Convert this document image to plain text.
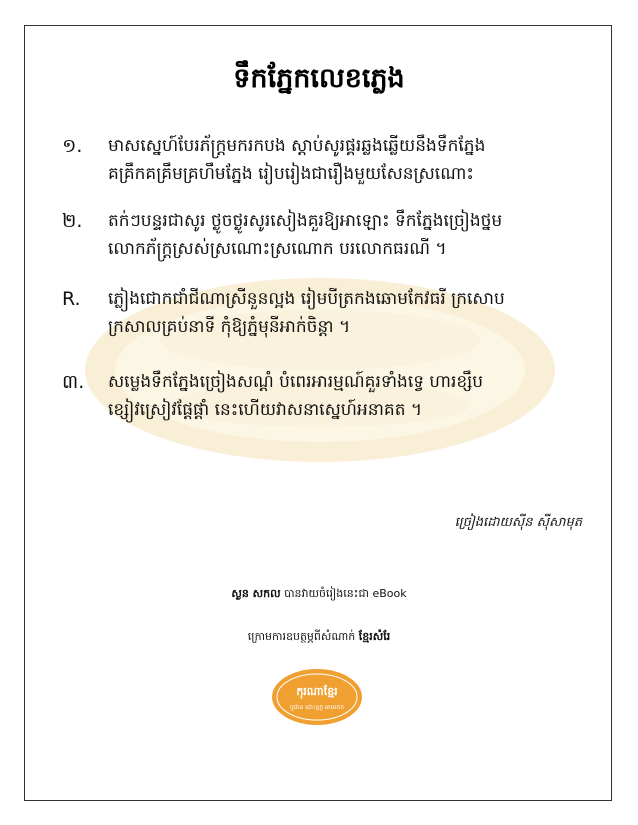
ទឹកភ្នែកលេខភ្លេង
១.	មាសស្នេហ៍បែរភ័ក្ត្រមករកបង ស្តាប់សូរផ្គរឆ្លងឆ្លើយនឹងទឹកភ្នែង
គគ្រឹកគគ្រឹមគ្រហឹមភ្នែង រៀបរៀងជារឿងមួយសែនស្រណោះ
២.	តក់ៗបន្ទរជាសូរ ថ្ងូចថ្ងូរសូរសៀងគួរឱ្យអាឡោះ ទឹកភ្នែងច្រៀងថ្នម
លោកភ័ក្ត្រស្រស់ស្រណោះស្រណោក បរលោកធរណី ។
R.	ភ្លៀងជោកជាំជីណាស្រីនួនល្អង រៀមបីត្រកងឆោមកែវធរី ក្រសោប
ក្រសាលគ្រប់នាទី កុំឱ្យភ្នំមុនីអាក់ចិន្តា ។
៣.	សម្លេងទឹកភ្នែងច្រៀងសណ្ដំ បំពេរអារម្មណ៍គួរទាំងទ្វេ ហារខ្សឹប
ខ្សៀវស្រៀវផ្ដែផ្ដាំ នេះហើយវាសនាស្នេហ៍អនាគត ។
ច្រៀងដោយស៊ីន ស៊ីសាមុត
ស្ងន សកល បានវាយចំរៀងនេះជា eBook
ក្រោមការឧបត្ថម្ភពីសំណាក់ ខ្មែរសំរែ
កុរណាខ្មែរ
បូជាន ជោះខ្មក្ខ អាលោក
